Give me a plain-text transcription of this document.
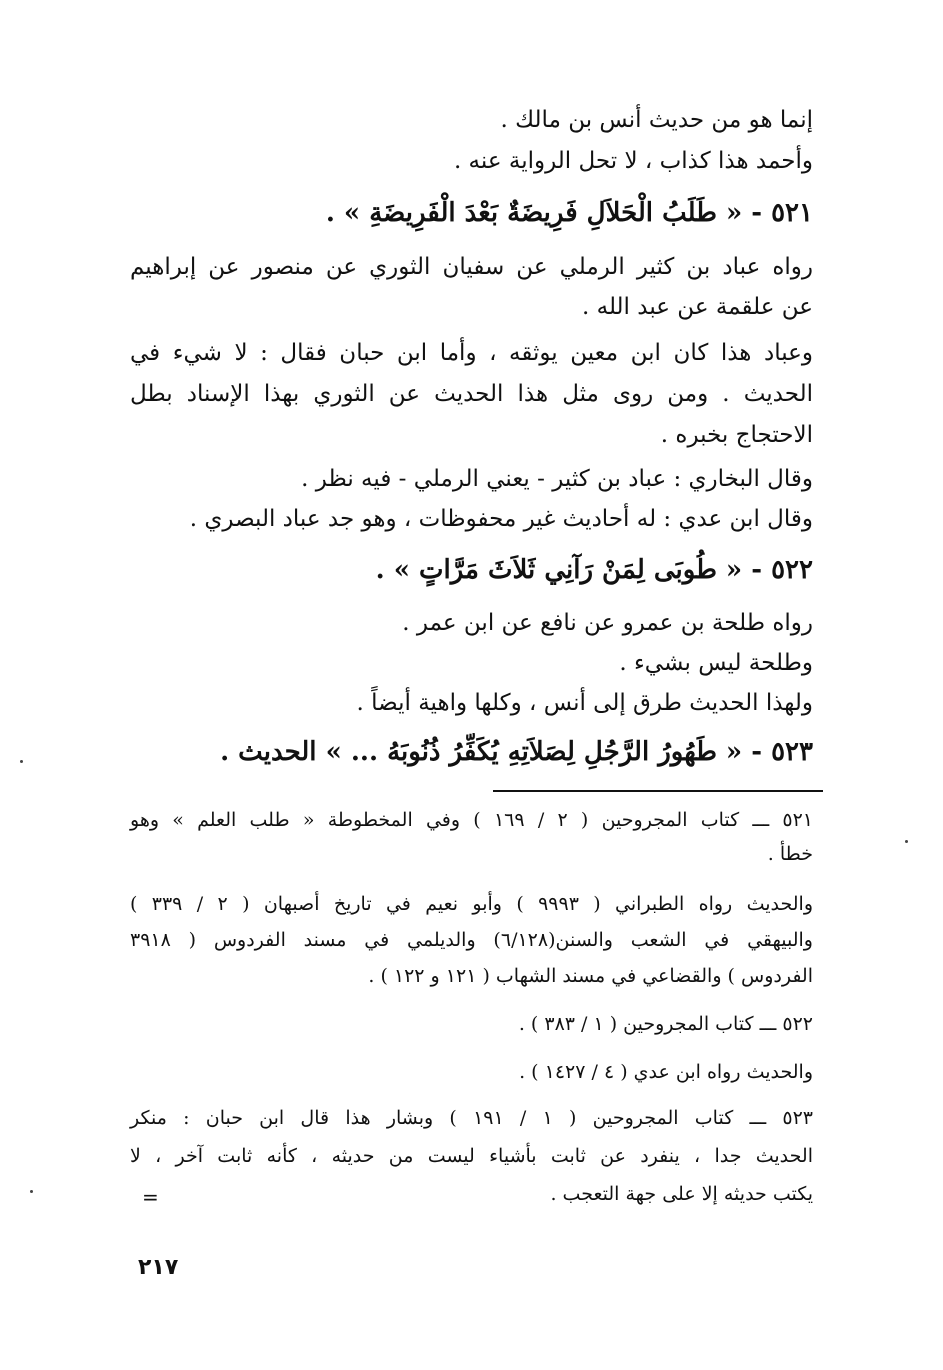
إنما هو من حديث أنس بن مالك .
وأحمد هذا كذاب ، لا تحل الرواية عنه .
٥٢١ - « طَلَبُ الْحَلاَلِ فَرِيضَةٌ بَعْدَ الْفَرِيضَةِ » .
رواه عباد بن كثير الرملي عن سفيان الثوري عن منصور عن إبراهيم
عن علقمة عن عبد الله .
وعباد هذا كان ابن معين يوثقه ، وأما ابن حبان فقال : لا شيء في
الحديث . ومن روى مثل هذا الحديث عن الثوري بهذا الإسناد بطل
الاحتجاج بخبره .
وقال البخاري : عباد بن كثير - يعني الرملي - فيه نظر .
وقال ابن عدي : له أحاديث غير محفوظات ، وهو جد عباد البصري .
٥٢٢ - « طُوبَى لِمَنْ رَآنِي ثَلاَثَ مَرَّاتٍ » .
رواه طلحة بن عمرو عن نافع عن ابن عمر .
وطلحة ليس بشيء .
ولهذا الحديث طرق إلى أنس ، وكلها واهية أيضاً .
٥٢٣ - « طَهُورُ الرَّجُلِ لِصَلاَتِهِ يُكَفِّرُ ذُنُوبَهُ ... » الحديث .
٥٢١ ـــ كتاب المجروحين ( ٢ / ١٦٩ ) وفي المخطوطة « طلب العلم » وهو
خطأ .
والحديث رواه الطبراني ( ٩٩٩٣ ) وأبو نعيم في تاريخ أصبهان ( ٢ / ٣٣٩ )
والبيهقي في الشعب والسنن(٦/١٢٨) والديلمي في مسند الفردوس ( ٣٩١٨
الفردوس ) والقضاعي في مسند الشهاب ( ١٢١ و ١٢٢ ) .
٥٢٢ ـــ كتاب المجروحين ( ١ / ٣٨٣ ) .
والحديث رواه ابن عدي ( ٤ / ١٤٢٧ ) .
٥٢٣ ـــ كتاب المجروحين ( ١ / ١٩١ ) وبشار هذا قال ابن حبان : منكر
الحديث جدا ، ينفرد عن ثابت بأشياء ليست من حديثه ، كأنه ثابت آخر ، لا
يكتب حديثه إلا على جهة التعجب .
=
٢١٧
